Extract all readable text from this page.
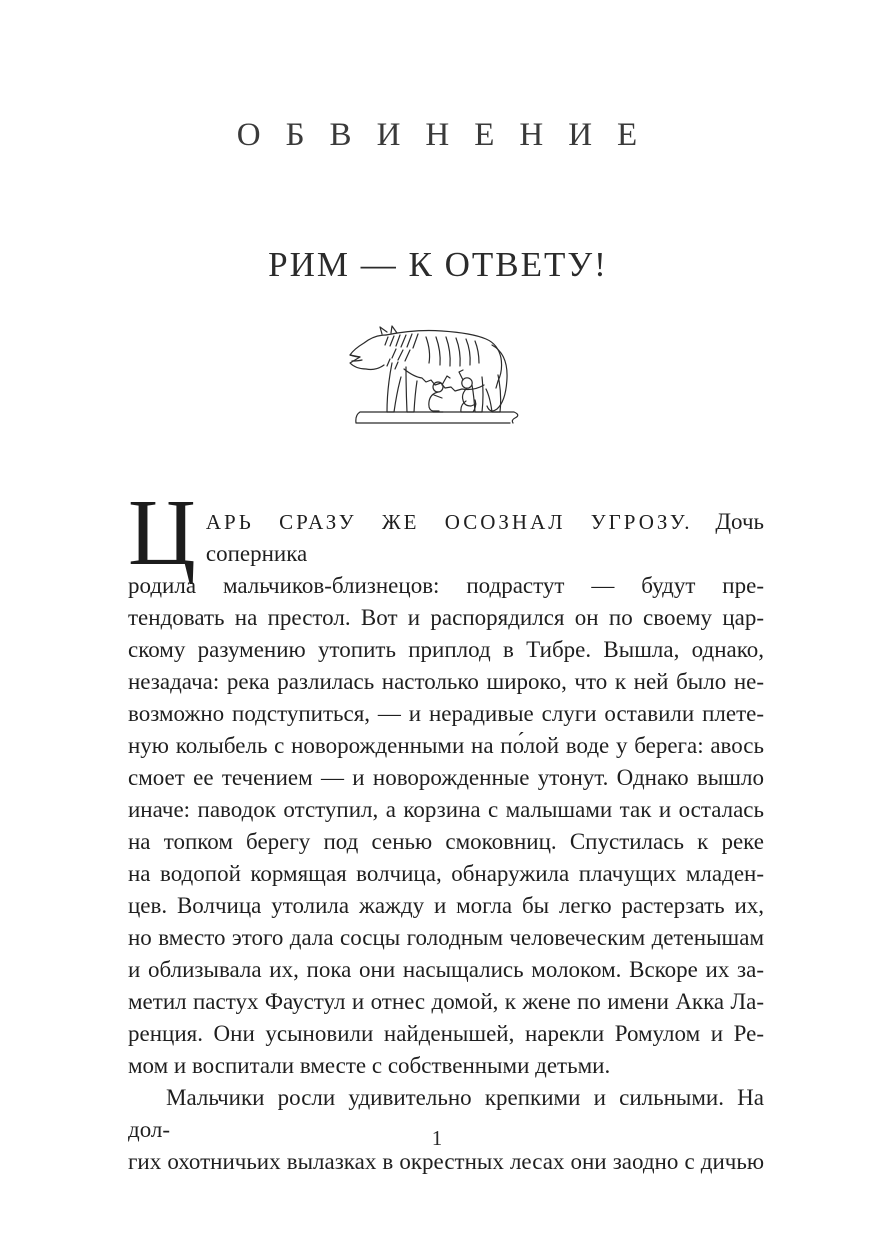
ОБВИНЕНИЕ
РИМ — К ОТВЕТУ!
Ц АРЬ СРАЗУ ЖЕ ОСОЗНАЛ УГРОЗУ. Дочь соперника
родила мальчиков-близнецов: подрастут — будут пре-
тендовать на престол. Вот и распорядился он по своему цар-
скому разумению утопить приплод в Тибре. Вышла, однако,
незадача: река разлилась настолько широко, что к ней было не-
возможно подступиться, — и нерадивые слуги оставили плете-
ную колыбель с новорожденными на по́лой воде у берега: авось
смоет ее течением — и новорожденные утонут. Однако вышло
иначе: паводок отступил, а корзина с малышами так и осталась
на топком берегу под сенью смоковниц. Спустилась к реке
на водопой кормящая волчица, обнаружила плачущих младен-
цев. Волчица утолила жажду и могла бы легко растерзать их,
но вместо этого дала сосцы голодным человеческим детенышам
и облизывала их, пока они насыщались молоком. Вскоре их за-
метил пастух Фаустул и отнес домой, к жене по имени Акка Ла-
ренция. Они усыновили найденышей, нарекли Ромулом и Ре-
мом и воспитали вместе с собственными детьми.
Мальчики росли удивительно крепкими и сильными. На дол-
гих охотничьих вылазках в окрестных лесах они заодно с дичью
1
